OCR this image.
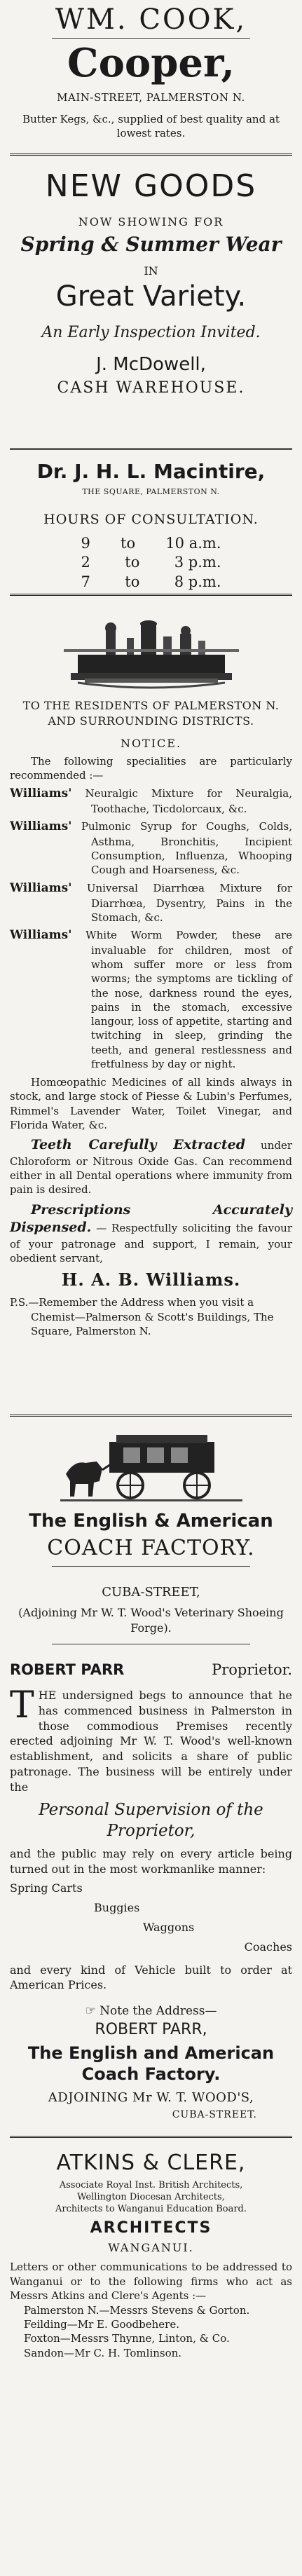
WM. COOK,
Cooper,
MAIN-STREET, PALMERSTON N.
Butter Kegs, &c., supplied of best quality and at lowest rates.
NEW GOODS
NOW SHOWING FOR
Spring & Summer Wear
IN
Great Variety.
An Early Inspection Invited.
J. McDowell,
CASH WAREHOUSE.
Dr. J. H. L. Macintire,
THE SQUARE, PALMERSTON N.
HOURS OF CONSULTATION.
9 to 10 a.m.
2 to 3 p.m.
7 to 8 p.m.
TO THE RESIDENTS OF PALMERSTON N. AND SURROUNDING DISTRICTS.
NOTICE.
The following specialities are particularly recommended :—
Williams' Neuralgic Mixture for Neuralgia, Toothache, Ticdolorcaux, &c.
Williams' Pulmonic Syrup for Coughs, Colds, Asthma, Bronchitis, Incipient Consumption, Influenza, Whooping Cough and Hoarseness, &c.
Williams' Universal Diarrhœa Mixture for Diarrhœa, Dysentry, Pains in the Stomach, &c.
Williams' White Worm Powder, these are invaluable for children, most of whom suffer more or less from worms; the symptoms are tickling of the nose, darkness round the eyes, pains in the stomach, excessive langour, loss of appetite, starting and twitching in sleep, grinding the teeth, and general restlessness and fretfulness by day or night.
Homœopathic Medicines of all kinds always in stock, and large stock of Piesse & Lubin's Perfumes, Rimmel's Lavender Water, Toilet Vinegar, and Florida Water, &c.
Teeth Carefully Extracted under Chloroform or Nitrous Oxide Gas. Can recommend either in all Dental operations where immunity from pain is desired.
Prescriptions Accurately Dispensed. — Respectfully soliciting the favour of your patronage and support, I remain, your obedient servant,
H. A. B. Williams.
P.S.—Remember the Address when you visit a Chemist—Palmerson & Scott's Buildings, The Square, Palmerston N.
The English & American
COACH FACTORY.
CUBA-STREET,
(Adjoining Mr W. T. Wood's Veterinary Shoeing Forge).
ROBERT PARR	Proprietor.
THE undersigned begs to announce that he has commenced business in Palmerston in those commodious Premises recently erected adjoining Mr W. T. Wood's well-known establishment, and solicits a share of public patronage. The business will be entirely under the
Personal Supervision of the Proprietor,
and the public may rely on every article being turned out in the most workmanlike manner:
Spring Carts
Buggies
Waggons
Coaches
and every kind of Vehicle built to order at American Prices.
☞ Note the Address—
ROBERT PARR,
The English and American Coach Factory.
ADJOINING Mr W. T. WOOD'S,
CUBA-STREET.
ATKINS & CLERE,
Associate Royal Inst. British Architects,
Wellington Diocesan Architects,
Architects to Wanganui Education Board.
ARCHITECTS
WANGANUI.
Letters or other communications to be addressed to Wanganui or to the following firms who act as Messrs Atkins and Clere's Agents :—
Palmerston N.—Messrs Stevens & Gorton.
Feilding—Mr E. Goodbehere.
Foxton—Messrs Thynne, Linton, & Co.
Sandon—Mr C. H. Tomlinson.
